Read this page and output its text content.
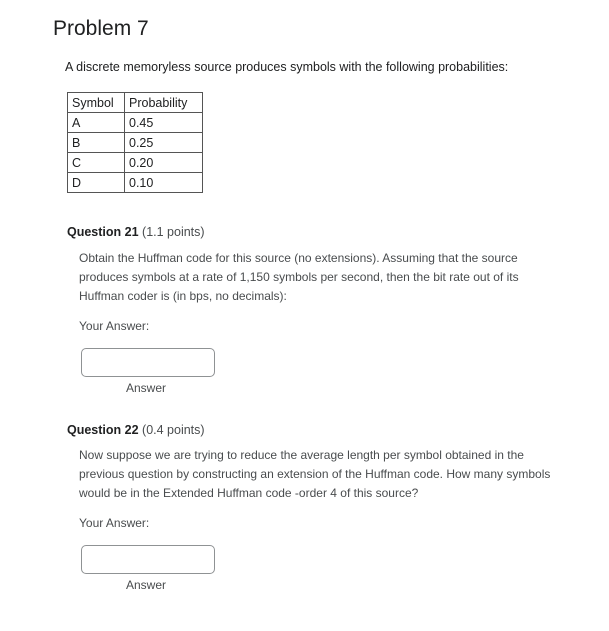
Problem 7

A discrete memoryless source produces symbols with the following probabilities:

Symbol	Probability
A	0.45
B	0.25
C	0.20
D	0.10
Question 21 (1.1 points)

Obtain the Huffman code for this source (no extensions). Assuming that the source produces symbols at a rate of 1,150 symbols per second, then the bit rate out of its Huffman coder is (in bps, no decimals):

Your Answer:
Answer
Question 22 (0.4 points)

Now suppose we are trying to reduce the average length per symbol obtained in the previous question by constructing an extension of the Huffman code. How many symbols would be in the Extended Huffman code -order 4 of this source?

Your Answer:
Answer
